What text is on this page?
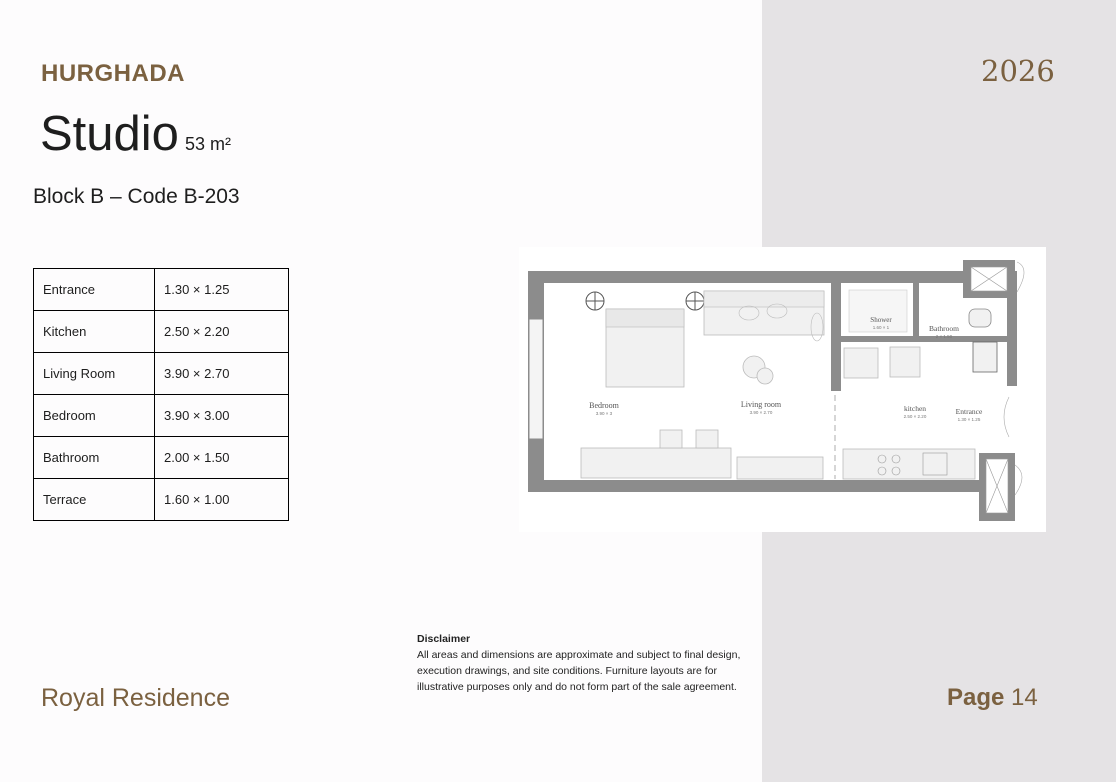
HURGHADA	2026
Studio 53 m²
Block B – Code B-203
Entrance	1.30 × 1.25
Kitchen	2.50 × 2.20
Living Room	3.90 × 2.70
Bedroom	3.90 × 3.00
Bathroom	2.00 × 1.50
Terrace	1.60 × 1.00
Bedroom
3.90 × 3
Living room
3.90 × 2.70
Shower
1.60 × 1	Bathroom
2 × 1.50
kitchen
2.50 × 2.20
Entrance
1.30 × 1.25
Disclaimer
All areas and dimensions are approximate and subject to final design, execution drawings, and site conditions. Furniture layouts are for illustrative purposes only and do not form part of the sale agreement.
Royal Residence	Page 14
